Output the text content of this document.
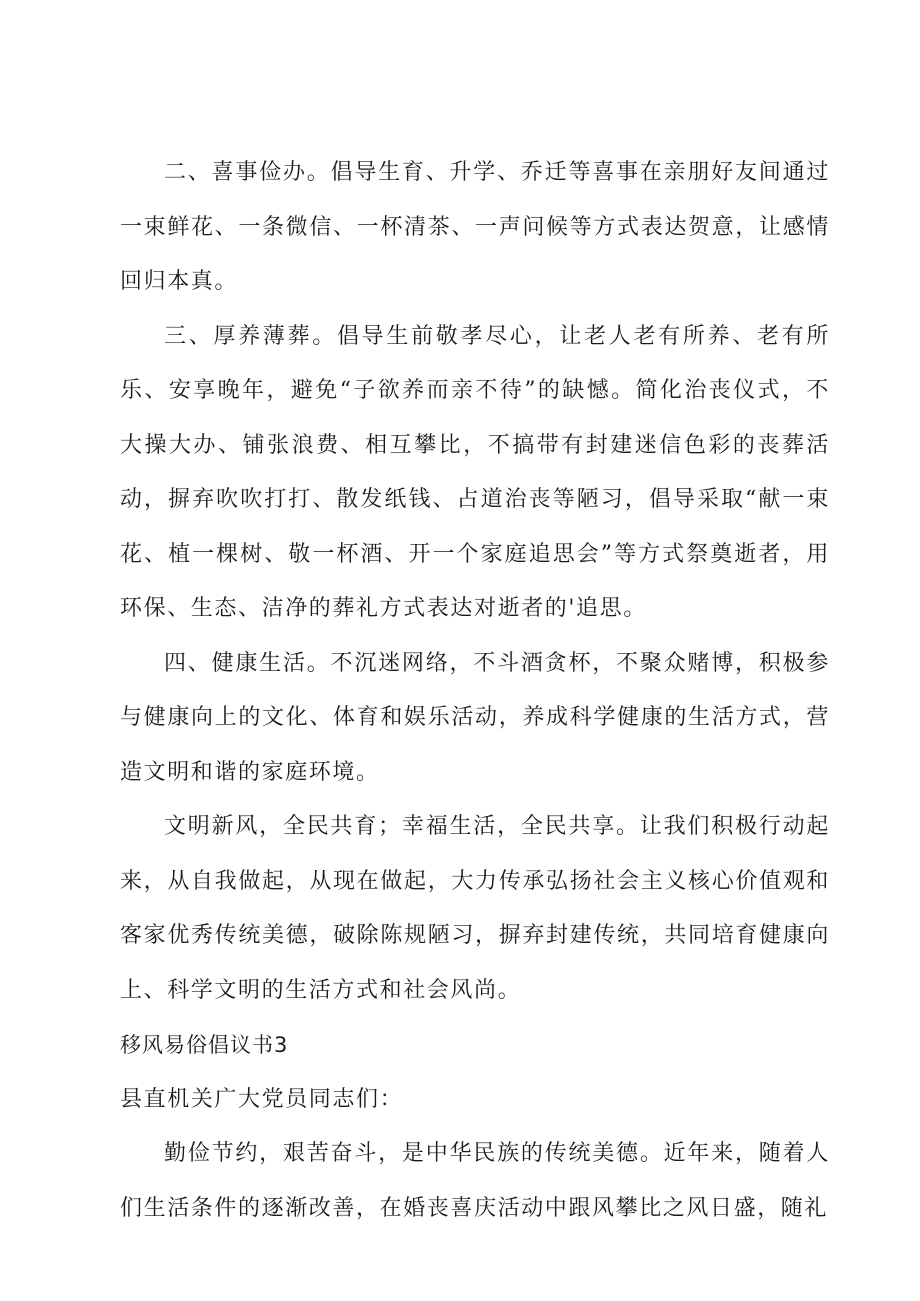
二、喜事俭办。倡导生育、升学、乔迁等喜事在亲朋好友间通过一束鲜花、一条微信、一杯清茶、一声问候等方式表达贺意，让感情回归本真。

三、厚养薄葬。倡导生前敬孝尽心，让老人老有所养、老有所乐、安享晚年，避免“子欲养而亲不待”的缺憾。简化治丧仪式，不大操大办、铺张浪费、相互攀比，不搞带有封建迷信色彩的丧葬活动，摒弃吹吹打打、散发纸钱、占道治丧等陋习，倡导采取“献一束花、植一棵树、敬一杯酒、开一个家庭追思会”等方式祭奠逝者，用环保、生态、洁净的葬礼方式表达对逝者的'追思。

四、健康生活。不沉迷网络，不斗酒贪杯，不聚众赌博，积极参与健康向上的文化、体育和娱乐活动，养成科学健康的生活方式，营造文明和谐的家庭环境。

文明新风，全民共育；幸福生活，全民共享。让我们积极行动起来，从自我做起，从现在做起，大力传承弘扬社会主义核心价值观和客家优秀传统美德，破除陈规陋习，摒弃封建传统，共同培育健康向上、科学文明的生活方式和社会风尚。

移风易俗倡议书3

县直机关广大党员同志们：

勤俭节约，艰苦奋斗，是中华民族的传统美德。近年来，随着人们生活条件的逐渐改善，在婚丧喜庆活动中跟风攀比之风日盛，随礼
